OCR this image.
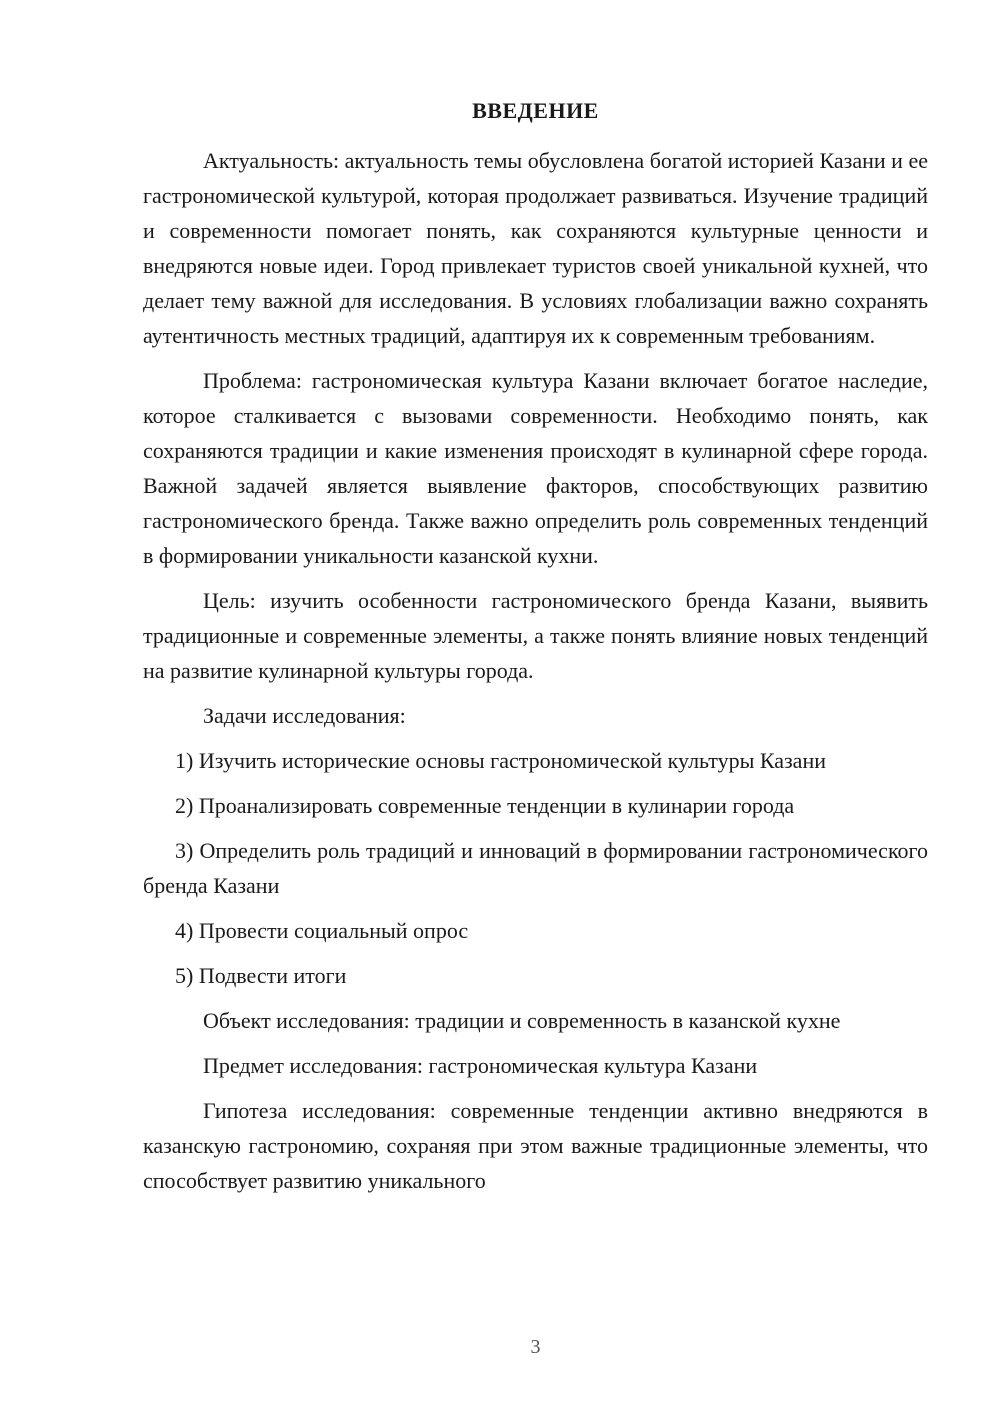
ВВЕДЕНИЕ

Актуальность: актуальность темы обусловлена богатой историей Казани и ее гастрономической культурой, которая продолжает развиваться. Изучение традиций и современности помогает понять, как сохраняются культурные ценности и внедряются новые идеи. Город привлекает туристов своей уникальной кухней, что делает тему важной для исследования. В условиях глобализации важно сохранять аутентичность местных традиций, адаптируя их к современным требованиям.

Проблема: гастрономическая культура Казани включает богатое наследие, которое сталкивается с вызовами современности. Необходимо понять, как сохраняются традиции и какие изменения происходят в кулинарной сфере города. Важной задачей является выявление факторов, способствующих развитию гастрономического бренда. Также важно определить роль современных тенденций в формировании уникальности казанской кухни.

Цель: изучить особенности гастрономического бренда Казани, выявить традиционные и современные элементы, а также понять влияние новых тенденций на развитие кулинарной культуры города.

Задачи исследования:

1) Изучить исторические основы гастрономической культуры Казани

2) Проанализировать современные тенденции в кулинарии города

3) Определить роль традиций и инноваций в формировании гастрономического бренда Казани

4) Провести социальный опрос

5) Подвести итоги

Объект исследования: традиции и современность в казанской кухне

Предмет исследования: гастрономическая культура Казани

Гипотеза исследования: современные тенденции активно внедряются в казанскую гастрономию, сохраняя при этом важные традиционные элементы, что способствует развитию уникального

3
